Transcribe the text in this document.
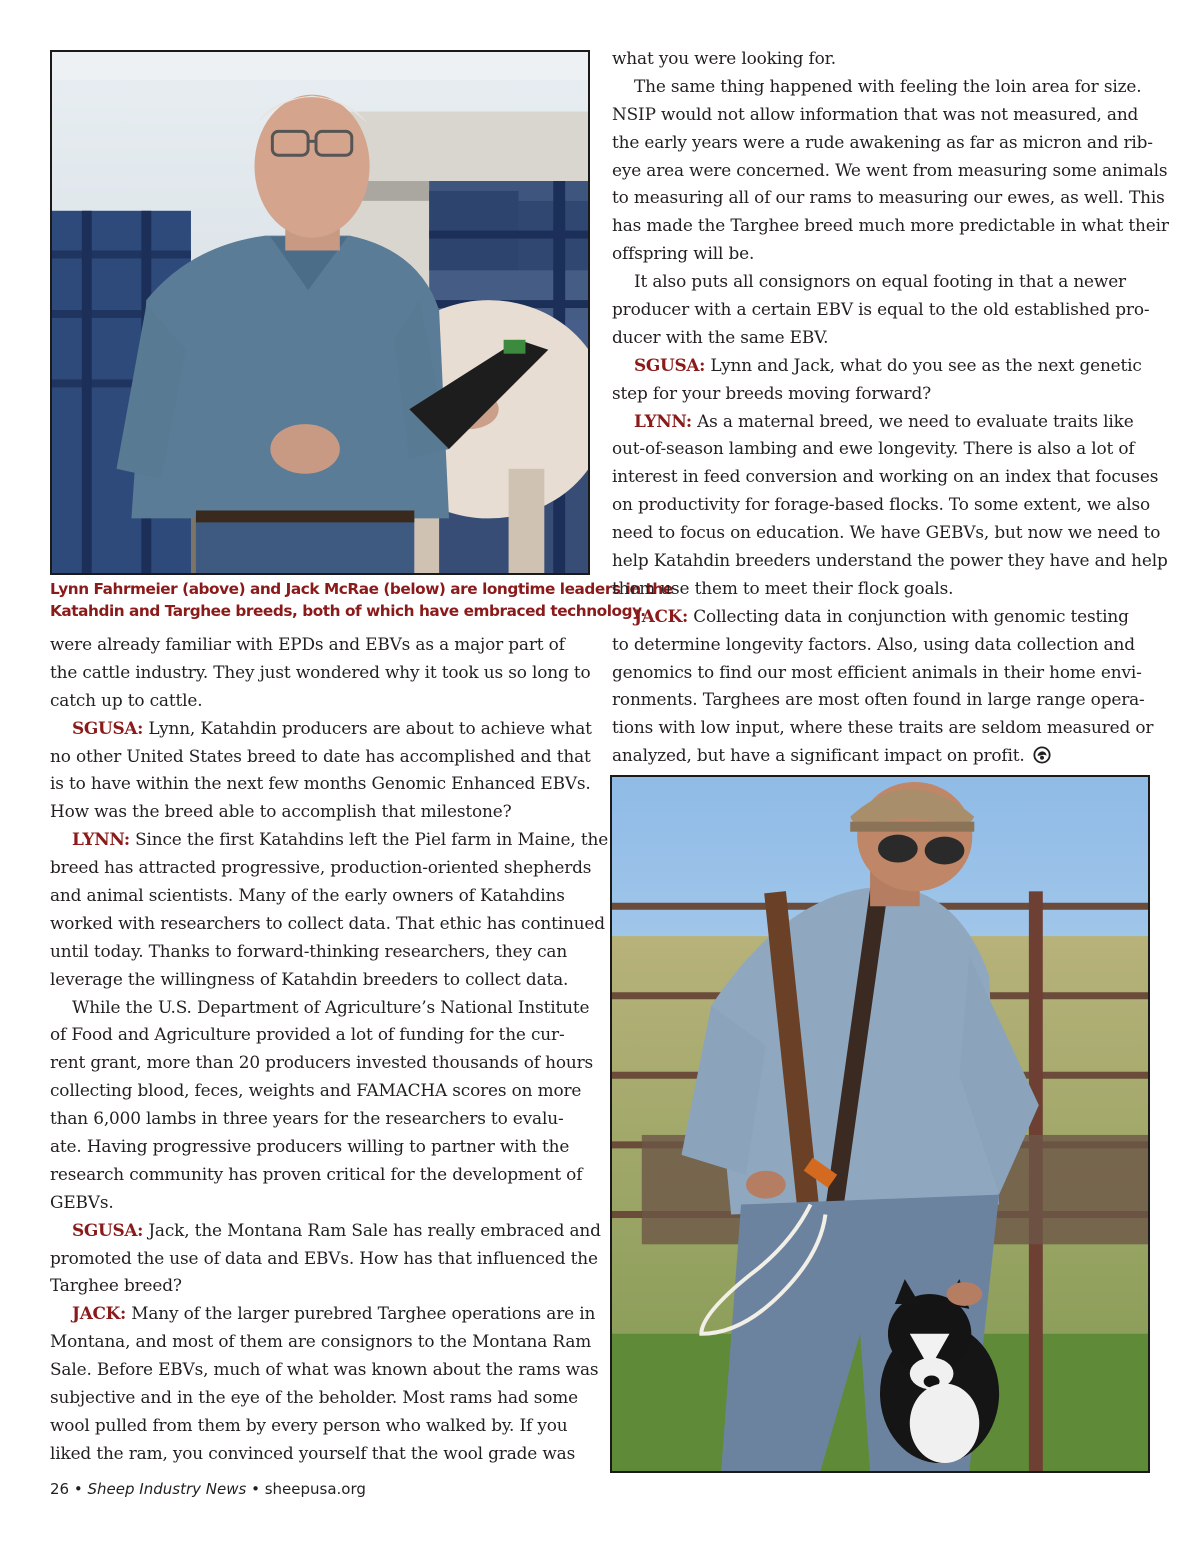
Lynn Fahrmeier (above) and Jack McRae (below) are longtime leaders in the
Katahdin and Targhee breeds, both of which have embraced technology.
were already familiar with EPDs and EBVs as a major part of
the cattle industry. They just wondered why it took us so long to
catch up to cattle.
SGUSA: Lynn, Katahdin producers are about to achieve what
no other United States breed to date has accomplished and that
is to have within the next few months Genomic Enhanced EBVs.
How was the breed able to accomplish that milestone?
LYNN: Since the first Katahdins left the Piel farm in Maine, the
breed has attracted progressive, production-oriented shepherds
and animal scientists. Many of the early owners of Katahdins
worked with researchers to collect data. That ethic has continued
until today. Thanks to forward-thinking researchers, they can
leverage the willingness of Katahdin breeders to collect data.
While the U.S. Department of Agriculture’s National Institute
of Food and Agriculture provided a lot of funding for the cur-
rent grant, more than 20 producers invested thousands of hours
collecting blood, feces, weights and FAMACHA scores on more
than 6,000 lambs in three years for the researchers to evalu-
ate. Having progressive producers willing to partner with the
research community has proven critical for the development of
GEBVs.
SGUSA: Jack, the Montana Ram Sale has really embraced and
promoted the use of data and EBVs. How has that influenced the
Targhee breed?
JACK: Many of the larger purebred Targhee operations are in
Montana, and most of them are consignors to the Montana Ram
Sale. Before EBVs, much of what was known about the rams was
subjective and in the eye of the beholder. Most rams had some
wool pulled from them by every person who walked by. If you
liked the ram, you convinced yourself that the wool grade was
what you were looking for.
The same thing happened with feeling the loin area for size.
NSIP would not allow information that was not measured, and
the early years were a rude awakening as far as micron and rib-
eye area were concerned. We went from measuring some animals
to measuring all of our rams to measuring our ewes, as well. This
has made the Targhee breed much more predictable in what their
offspring will be.
It also puts all consignors on equal footing in that a newer
producer with a certain EBV is equal to the old established pro-
ducer with the same EBV.
SGUSA: Lynn and Jack, what do you see as the next genetic
step for your breeds moving forward?
LYNN: As a maternal breed, we need to evaluate traits like
out-of-season lambing and ewe longevity. There is also a lot of
interest in feed conversion and working on an index that focuses
on productivity for forage-based flocks. To some extent, we also
need to focus on education. We have GEBVs, but now we need to
help Katahdin breeders understand the power they have and help
them use them to meet their flock goals.
JACK: Collecting data in conjunction with genomic testing
to determine longevity factors. Also, using data collection and
genomics to find our most efficient animals in their home envi-
ronments. Targhees are most often found in large range opera-
tions with low input, where these traits are seldom measured or
analyzed, but have a significant impact on profit.
26 • Sheep Industry News • sheepusa.org
